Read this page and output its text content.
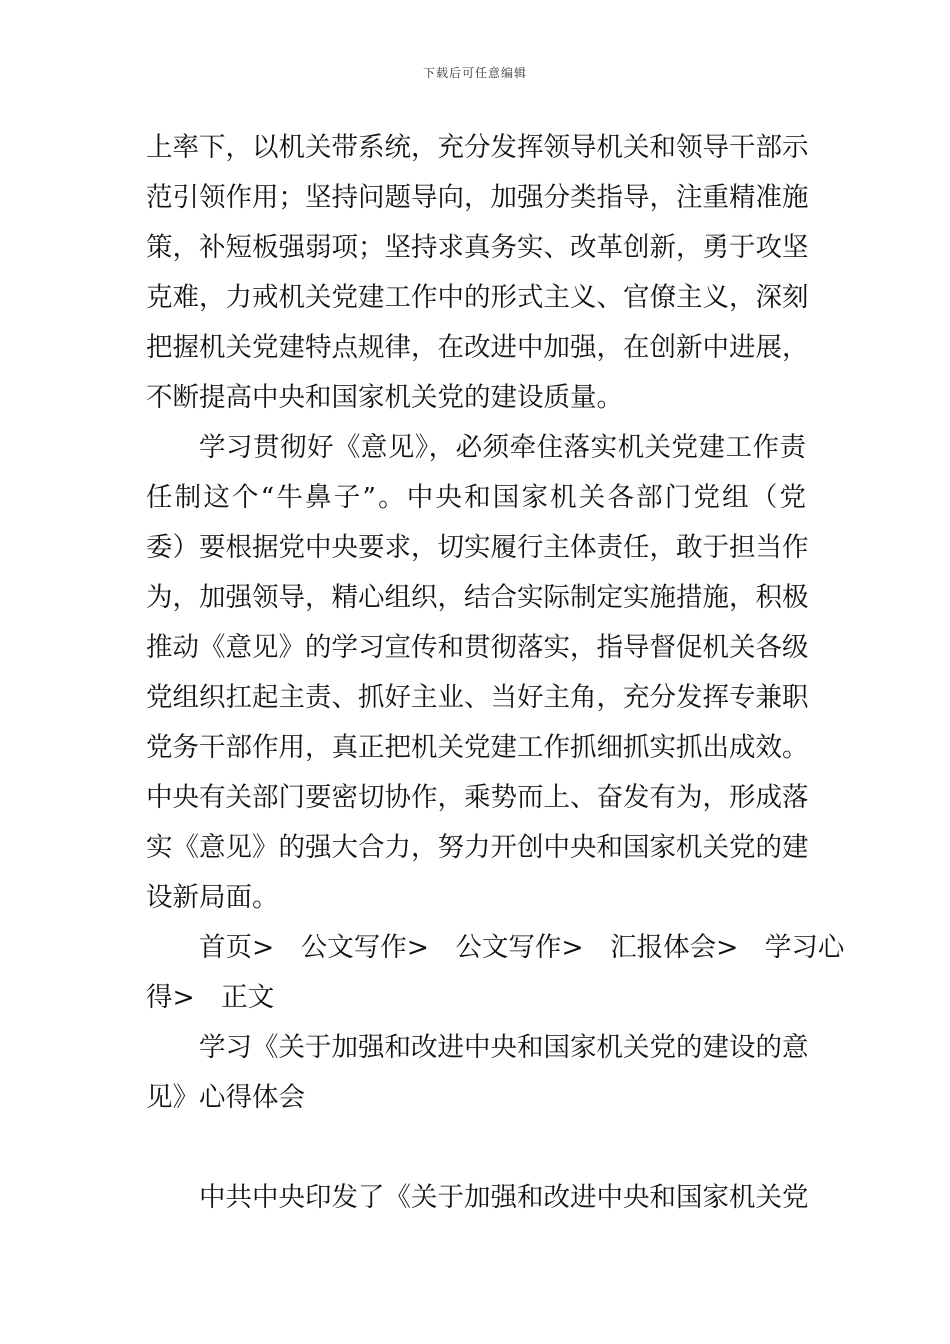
下载后可任意编辑
上率下，以机关带系统，充分发挥领导机关和领导干部示
范引领作用；坚持问题导向，加强分类指导，注重精准施
策，补短板强弱项；坚持求真务实、改革创新，勇于攻坚
克难，力戒机关党建工作中的形式主义、官僚主义，深刻
把握机关党建特点规律，在改进中加强，在创新中进展，
不断提高中央和国家机关党的建设质量。
学习贯彻好《意见》，必须牵住落实机关党建工作责
任制这个“牛鼻子”。中央和国家机关各部门党组（党
委）要根据党中央要求，切实履行主体责任，敢于担当作
为，加强领导，精心组织，结合实际制定实施措施，积极
推动《意见》的学习宣传和贯彻落实，指导督促机关各级
党组织扛起主责、抓好主业、当好主角，充分发挥专兼职
党务干部作用，真正把机关党建工作抓细抓实抓出成效。
中央有关部门要密切协作，乘势而上、奋发有为，形成落
实《意见》的强大合力，努力开创中央和国家机关党的建
设新局面。
首页>　公文写作>　公文写作>　汇报体会>　学习心
得>　正文
学习《关于加强和改进中央和国家机关党的建设的意
见》心得体会
中共中央印发了《关于加强和改进中央和国家机关党
